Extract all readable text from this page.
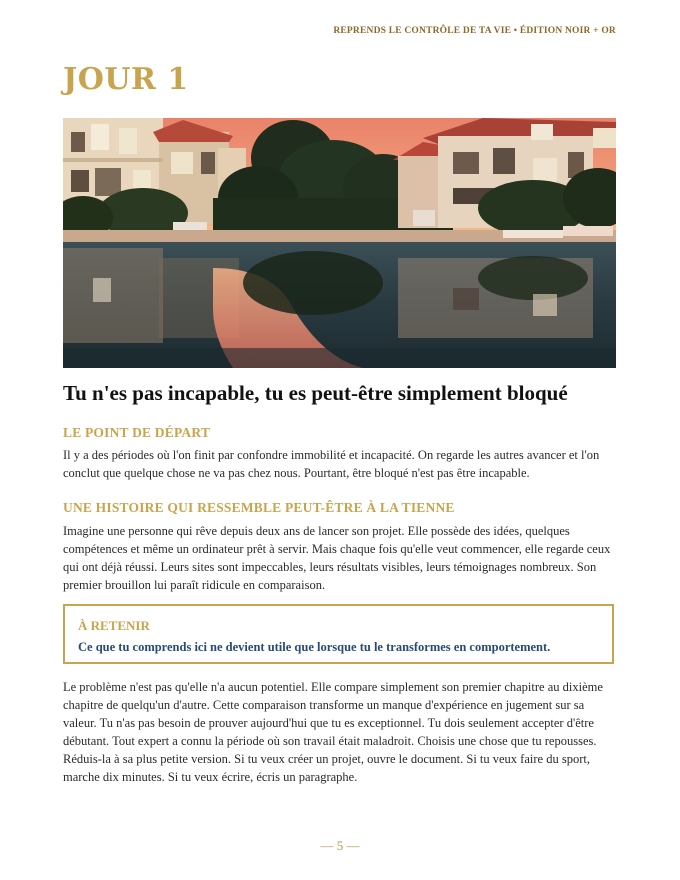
REPRENDS LE CONTRÔLE DE TA VIE • ÉDITION NOIR + OR
JOUR 1
Tu n'es pas incapable, tu es peut-être simplement bloqué
LE POINT DE DÉPART

Il y a des périodes où l'on finit par confondre immobilité et incapacité. On regarde les autres avancer et l'on conclut que quelque chose ne va pas chez nous. Pourtant, être bloqué n'est pas être incapable.

UNE HISTOIRE QUI RESSEMBLE PEUT-ÊTRE À LA TIENNE

Imagine une personne qui rêve depuis deux ans de lancer son projet. Elle possède des idées, quelques compétences et même un ordinateur prêt à servir. Mais chaque fois qu'elle veut commencer, elle regarde ceux qui ont déjà réussi. Leurs sites sont impeccables, leurs résultats visibles, leurs témoignages nombreux. Son premier brouillon lui paraît ridicule en comparaison.

À RETENIR
Ce que tu comprends ici ne devient utile que lorsque tu le transformes en comportement.

Le problème n'est pas qu'elle n'a aucun potentiel. Elle compare simplement son premier chapitre au dixième chapitre de quelqu'un d'autre. Cette comparaison transforme un manque d'expérience en jugement sur sa valeur. Tu n'as pas besoin de prouver aujourd'hui que tu es exceptionnel. Tu dois seulement accepter d'être débutant. Tout expert a connu la période où son travail était maladroit. Choisis une chose que tu repousses. Réduis-la à sa plus petite version. Si tu veux créer un projet, ouvre le document. Si tu veux faire du sport, marche dix minutes. Si tu veux écrire, écris un paragraphe.

— 5 —
